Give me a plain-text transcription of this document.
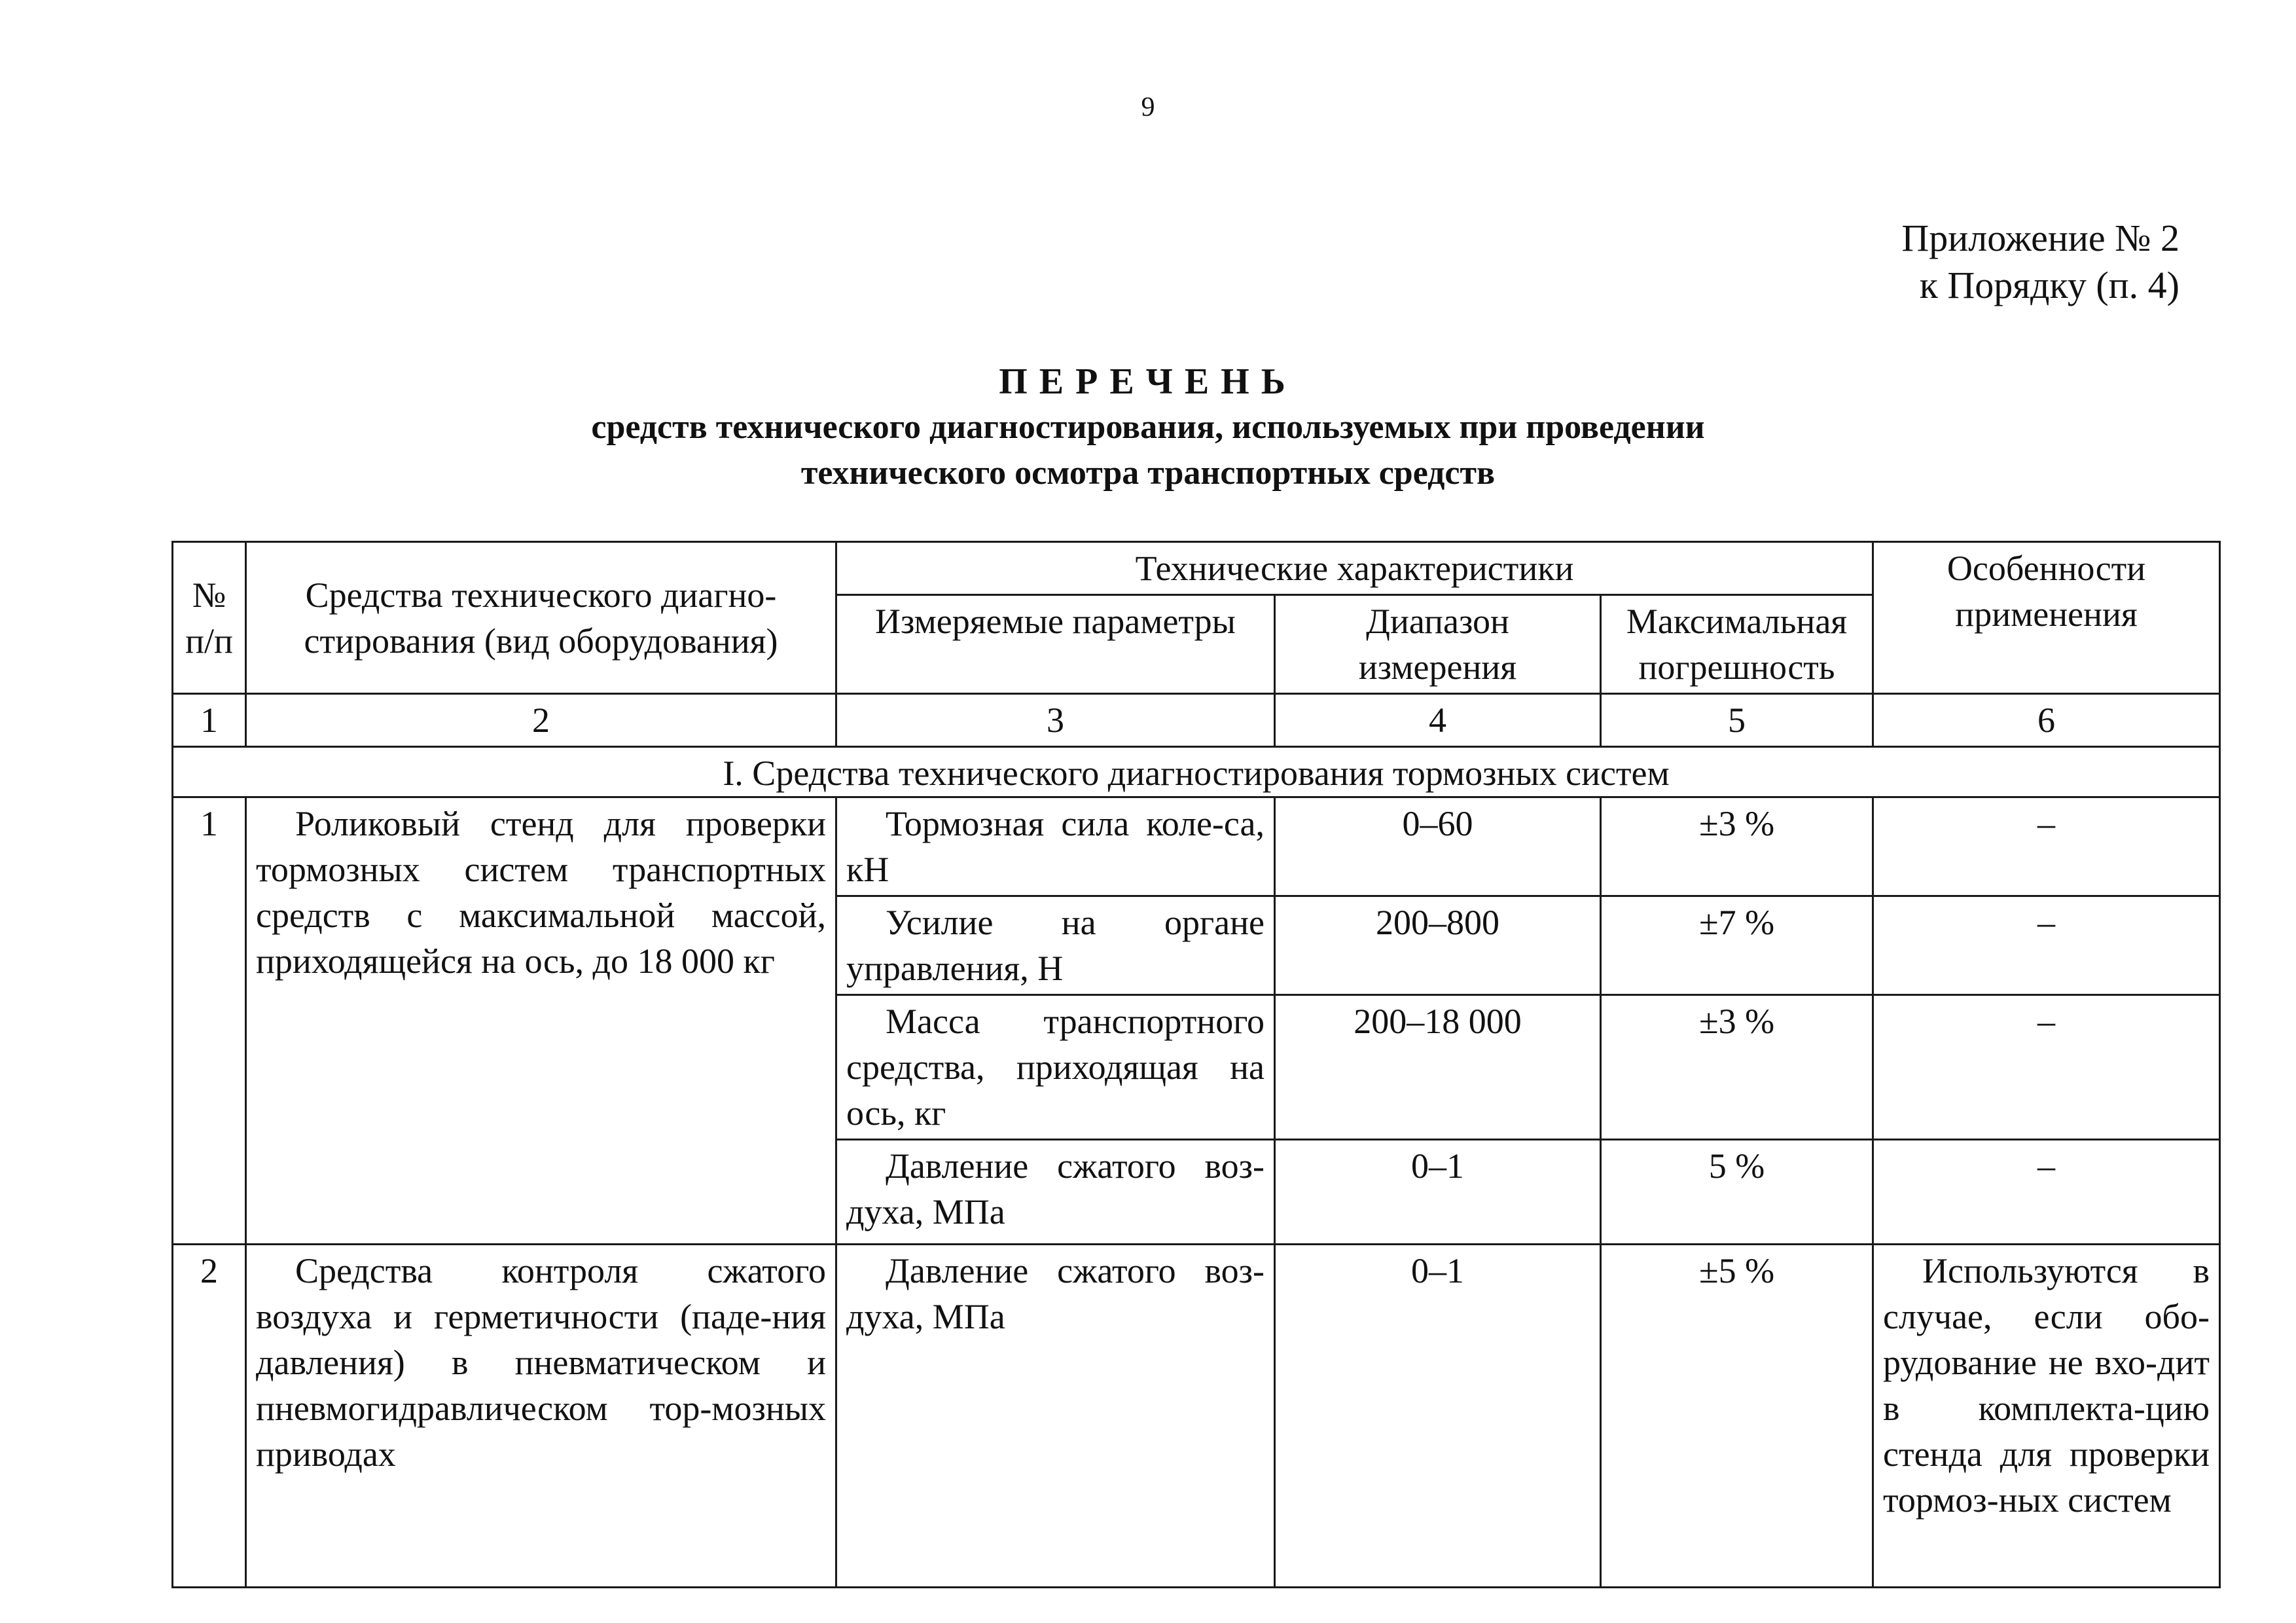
9
Приложение № 2
к Порядку (п. 4)
ПЕРЕЧЕНЬ
средств технического диагностирования, используемых при проведении
технического осмотра транспортных средств
№ п/п	Средства технического диагно-стирования (вид оборудования)	Технические характеристики			Особенности применения
		Измеряемые параметры	Диапазон измерения	Максимальная погрешность	
1	2	3	4	5	6
I. Средства технического диагностирования тормозных систем					
1	Роликовый стенд для проверки тормозных систем транспортных средств с максимальной массой, приходящейся на ось, до 18 000 кг	Тормозная сила коле-са, кН	0–60	±3 %	–
		Усилие на органе управления, Н	200–800	±7 %	–
		Масса транспортного средства, приходящая на ось, кг	200–18 000	±3 %	–
		Давление сжатого воз-духа, МПа	0–1	5 %	–
2	Средства контроля сжатого воздуха и герметичности (паде-ния давления) в пневматическом и пневмогидравлическом тор-мозных приводах	Давление сжатого воз-духа, МПа	0–1	±5 %	Используются в случае, если обо-рудование не вхо-дит в комплекта-цию стенда для проверки тормоз-ных систем
